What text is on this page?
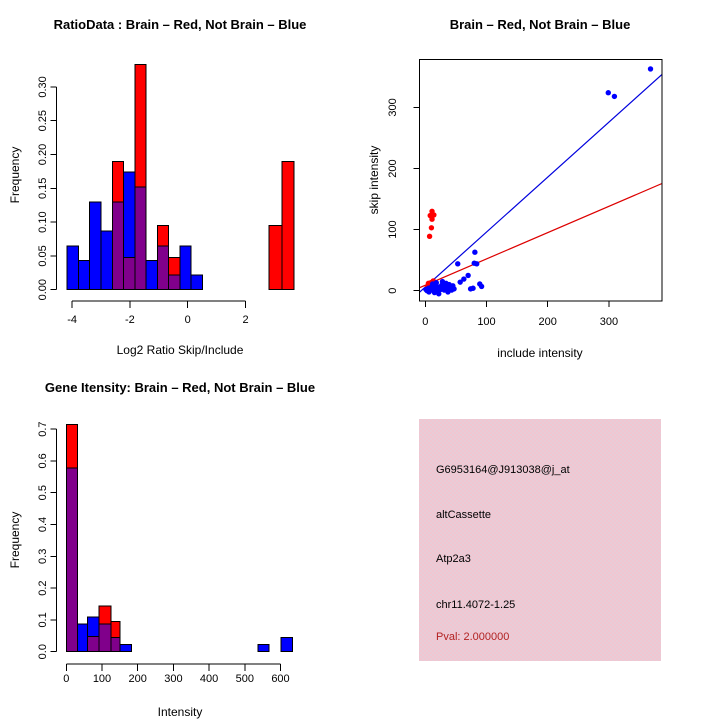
RatioData : Brain – Red, Not Brain – Blue
Frequency
Log2 Ratio Skip/Include
0.00
0.05
0.10
0.15
0.20
0.25
0.30
-4	-2	0	2
Brain – Red, Not Brain – Blue
skip intensity
include intensity
0	100	200	300
0
100
200
300
Gene Itensity: Brain – Red, Not Brain – Blue
Frequency
Intensity
0.0
0.1
0.2
0.3
0.4
0.5
0.6
0.7
0 100 200 300 400 500 600
G6953164@J913038@j_at
altCassette
Atp2a3
chr11.4072-1.25
Pval: 2.000000
